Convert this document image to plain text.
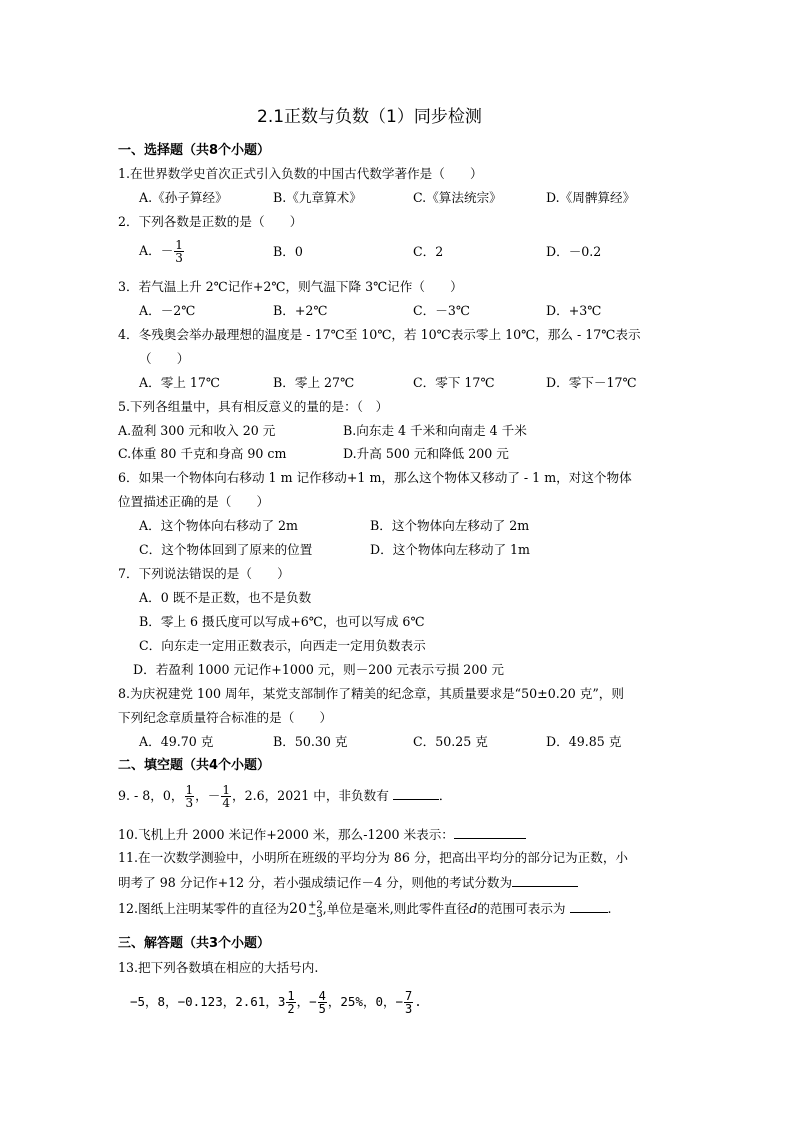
2.1正数与负数（1）同步检测
一、选择题（共8个小题）
1.在世界数学史首次正式引入负数的中国古代数学著作是（　　）
A.《孙子算经》	B.《九章算术》	C.《算法统宗》	D.《周髀算经》
2．下列各数是正数的是（　　）
A．－ $\frac{1}{3}$	B．0	C．2	D．－0.2
3．若气温上升 2℃记作+2℃，则气温下降 3℃记作（　　）
A．－2℃	B．+2℃	C．－3℃	D．+3℃
4．冬残奥会举办最理想的温度是 - 17℃至 10℃，若 10℃表示零上 10℃，那么 - 17℃表示
（　　）
A．零上 17℃	B．零上 27℃	C．零下 17℃	D．零下－17℃
5.下列各组量中，具有相反意义的量的是：（　）
A.盈利 300 元和收入 20 元	B.向东走 4 千米和向南走 4 千米
C.体重 80 千克和身高 90 cm	D.升高 500 元和降低 200 元
6．如果一个物体向右移动 1 m 记作移动+1 m，那么这个物体又移动了 - 1 m，对这个物体
位置描述正确的是（　　）
A．这个物体向右移动了 2m	B．这个物体向左移动了 2m
C．这个物体回到了原来的位置	D．这个物体向左移动了 1m
7．下列说法错误的是（　　）
A．0 既不是正数，也不是负数
B．零上 6 摄氏度可以写成+6℃，也可以写成 6℃
C．向东走一定用正数表示，向西走一定用负数表示
D．若盈利 1000 元记作+1000 元，则－200 元表示亏损 200 元
8.为庆祝建党 100 周年，某党支部制作了精美的纪念章，其质量要求是“50±0.20 克”，则
下列纪念章质量符合标准的是（　　）
A．49.70 克	B．50.30 克	C．50.25 克	D．49.85 克
二、填空题（共4个小题）
9. - 8，0， $\frac{1}{3}$ ，－ $\frac{1}{4}$ ，2.6，2021 中，非负数有	．
10.飞机上升 2000 米记作+2000 米，那么-1200 米表示：
11.在一次数学测验中，小明所在班级的平均分为 86 分，把高出平均分的部分记为正数，小
明考了 98 分记作+12 分，若小强成绩记作－4 分，则他的考试分数为
12.图纸上注明某零件的直径为20 +2
−3 ,单位是毫米,则此零件直径d的范围可表示为	.
三、解答题（共3个小题）
13.把下列各数填在相应的大括号内.
−5，8，−0.123，2.61，$3 \frac{1}{2}$ ，− $\frac{4}{5}$ ，25%，0，− $\frac{7}{3}$ .
